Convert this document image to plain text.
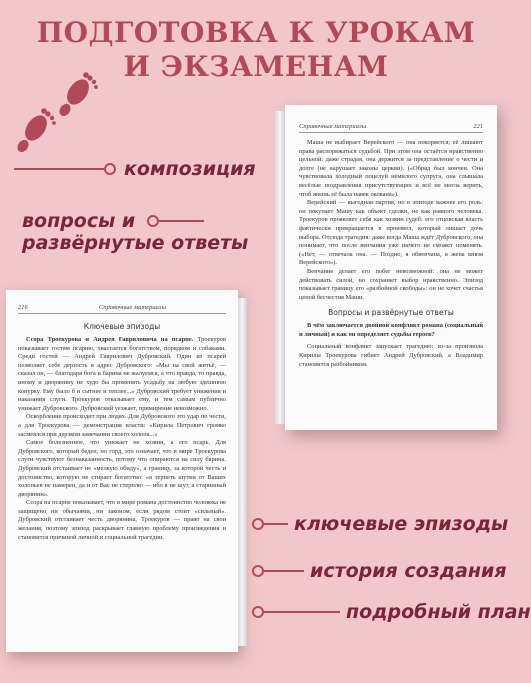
ПОДГОТОВКА К УРОКАМ
И ЭКЗАМЕНАМ
композиция
вопросы и
развёрнутые ответы
Справочные материалы	221

Маша не выбирает Верейского — она покоряется; её лишают права распоряжаться судьбой. При этом она остаётся нравственно цельной: даже страдая, она держится за представление о чести и долге (не нарушает законы церкви). («Обряд был кончен. Она чувствовала холодный поцелуй немилого супруга, она слышала весёлые поздравления присутствующих и всё не могла верить, чтоб жизнь её была навек окована»).

Верейский — выгодная партия, но в эпизоде важнее его роль: он покупает Машу как объект сделки, не как равного человека. Троекуров проявляет себя как хозяин судеб: его отцовская власть фактически превращается в произвол, который лишает дочь выбора. Отсюда трагедия: даже когда Маша ждёт Дубровского, она понимает, что после венчания уже ничего не сможет поменять. («Нет, — отвечала она. — Поздно, я обвенчана, я жена князя Верейского»).

Венчание делает его побег невозможной: она не может действовать силой, но сохраняет выбор нравственно. Эпизод показывает границу его «разбойной свободы»: он не хочет счастья ценой бесчестия Маши.

Вопросы и развёрнутые ответы

В чём заключается двойной конфликт романа (социальный и личный) и как он определяет судьбы героев?

Социальный конфликт запускает трагедию: из-за произвола Кирилы Троекурова гибнет Андрей Дубровский, а Владимир становится разбойником.

216	Справочные материалы
Ключевые эпизоды

Ссора Троекурова и Андрея Гавриловича на псарне. Троекуров показывает гостям псарню, хвастается богатством, порядком и собаками. Среди гостей — Андрей Гаврилович Дубровский. Один из псарей позволяет себе дерзость в адрес Дубровского: «Мы на свой житьё, — сказал он, — благодаря бога и барина не жалуемся, а что правда, то правда, иному и дворянину не худо бы променять усадьбу на любую здешнюю конурку. Ему было б и сытнее и теплее...» Дубровский требует унижения и наказания слуги. Троекуров отказывает ему, и тем самым публично унижает Дубровского. Дубровский уезжает, примирение невозможно.

Оскорбление происходит при людях. Для Дубровского это удар по чести, а для Троекурова — демонстрация власти: «Кирила Петрович громко засмеялся при дерзком замечании своего холопа...»

Самое болезненное, что унижает не хозяин, а его псарь. Для Дубровского, который беден, но горд, это означает, что в мире Троекурова слуги чувствуют безнаказанность, потому что опираются на силу барина. Дубровский отстаивает не «мелкую обиду», а границу, за которой честь и достоинство, которую не стирает богатство: «я терпеть шутки от Ваших холопьев не намерен, да и от Вас не стерплю — ибо я не шут, а старинный дворянин».

Ссора на псарне показывает, что в мире романа достоинство человека не защищено ни обычаями, ни законом, если рядом стоит «сильный». Дубровский отстаивает честь дворянина, Троекуров — право на свои желания, поэтому эпизод раскрывает главную проблему произведения и становится причиной личной и социальной трагедии.

ключевые эпизоды
история создания
подробный план
